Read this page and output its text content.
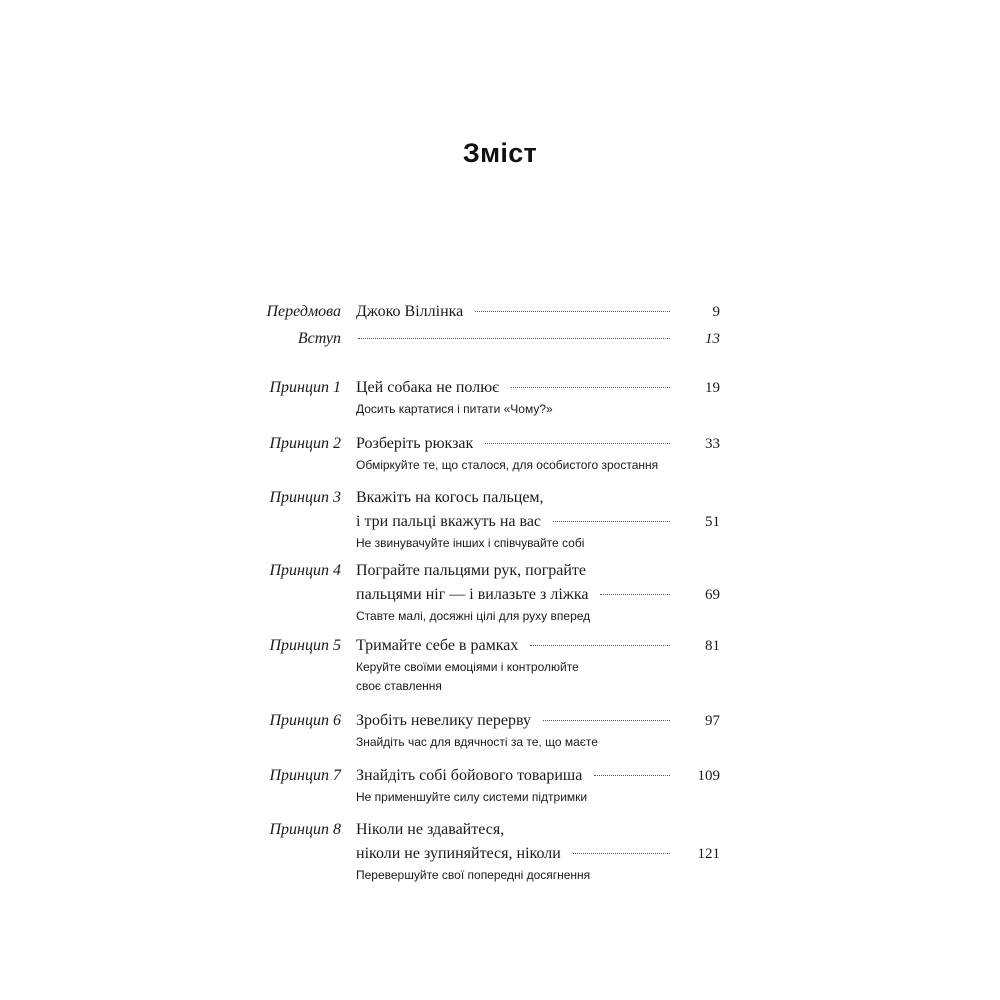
Зміст
Передмова Джоко Віллінка	9
Вступ	13
Принцип 1 Цей собака не полює	19
Досить картатися і питати «Чому?»
Принцип 2 Розберіть рюкзак	33
Обміркуйте те, що сталося, для особистого зростання
Принцип 3 Вкажіть на когось пальцем,
і три пальці вкажуть на вас	51
Не звинувачуйте інших і співчувайте собі
Принцип 4 Пограйте пальцями рук, пограйте
пальцями ніг — і вилазьте з ліжка	69
Ставте малі, досяжні цілі для руху вперед
Принцип 5 Тримайте себе в рамках	81
Керуйте своїми емоціями і контролюйте
своє ставлення
Принцип 6 Зробіть невелику перерву	97
Знайдіть час для вдячності за те, що маєте
Принцип 7 Знайдіть собі бойового товариша	109
Не применшуйте силу системи підтримки
Принцип 8 Ніколи не здавайтеся,
ніколи не зупиняйтеся, ніколи	121
Перевершуйте свої попередні досягнення
